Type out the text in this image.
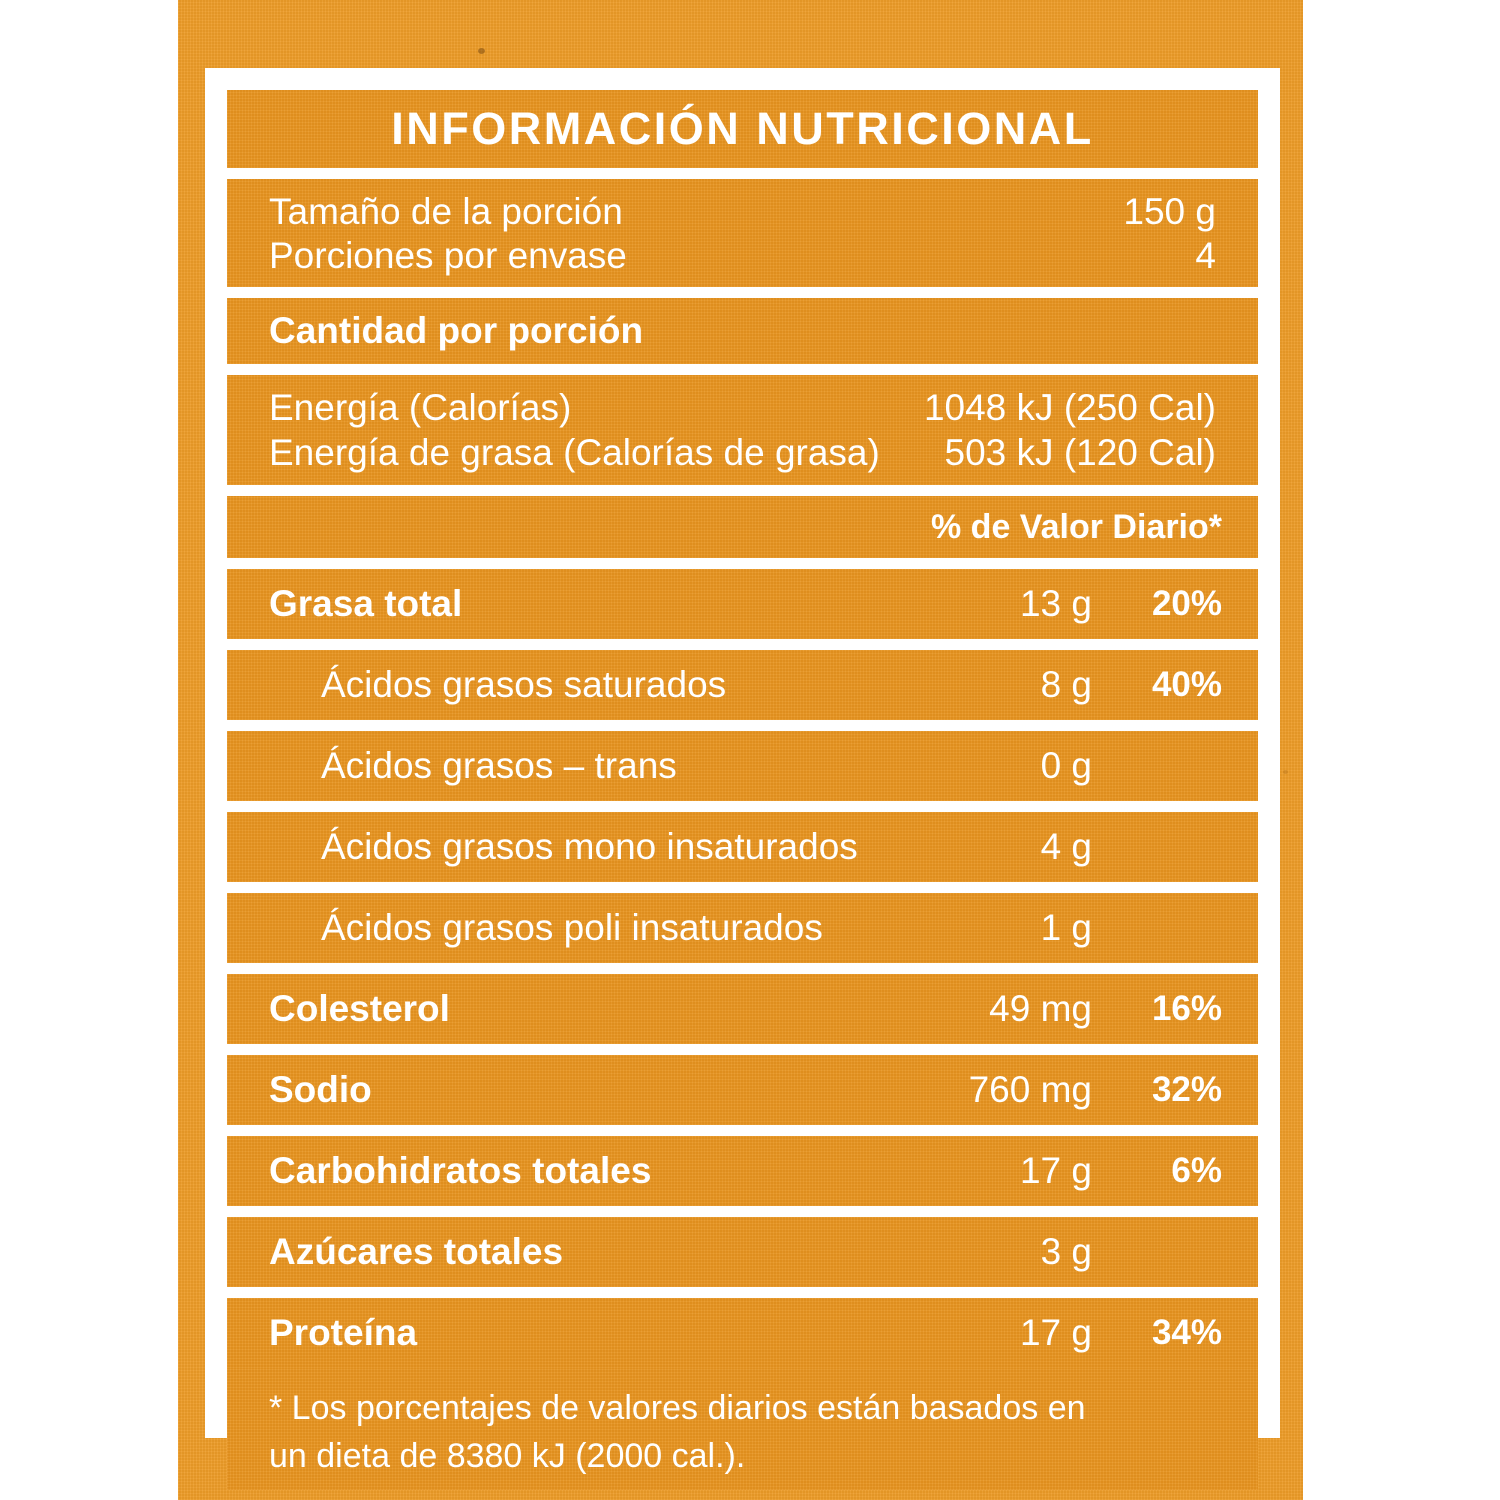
INFORMACIÓN NUTRICIONAL
Tamaño de la porción	150 g
Porciones por envase	4
Cantidad por porción
Energía (Calorías)	1048 kJ (250 Cal)
Energía de grasa (Calorías de grasa) 503 kJ (120 Cal)
% de Valor Diario*
Grasa total	13 g	20%
Ácidos grasos saturados	8 g	40%
Ácidos grasos – trans	0 g
Ácidos grasos mono insaturados	4 g
Ácidos grasos poli insaturados	1 g
Colesterol	49 mg	16%
Sodio	760 mg	32%
Carbohidratos totales	17 g	6%
Azúcares totales	3 g
Proteína	17 g	34%
* Los porcentajes de valores diarios están basados en
un dieta de 8380 kJ (2000 cal.).
